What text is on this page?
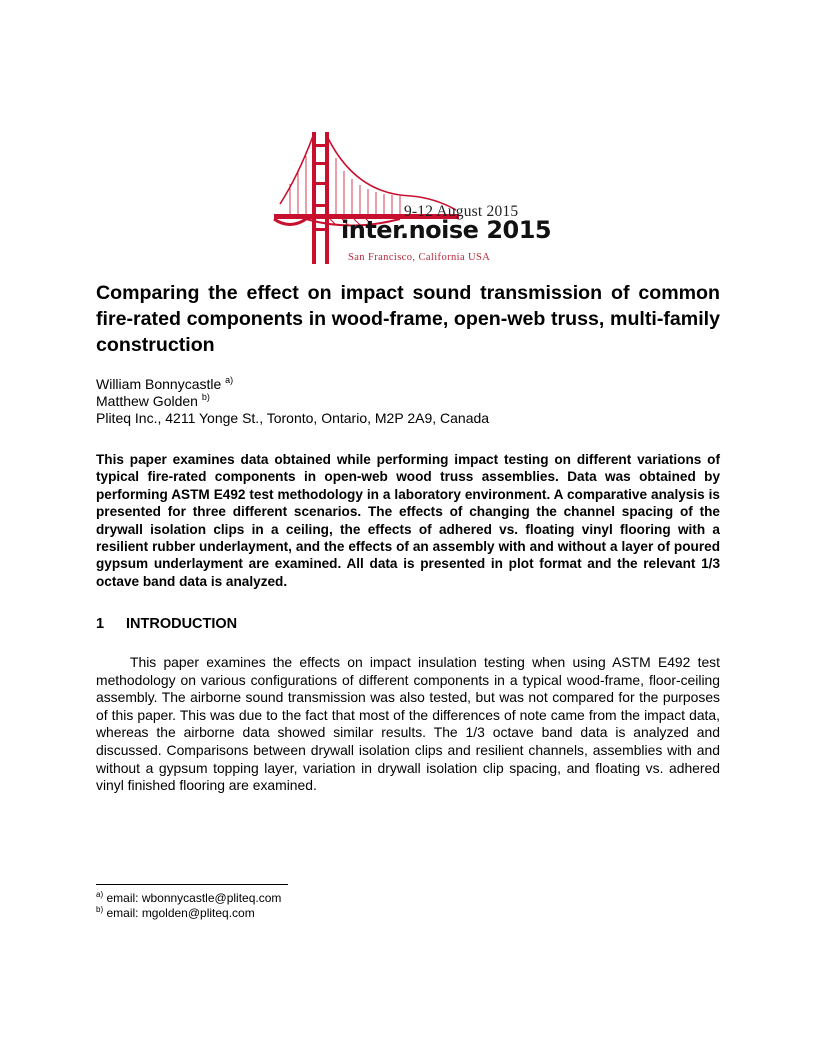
9-12 August 2015
inter.noise 2015
San Francisco, California USA
Comparing the effect on impact sound transmission of common fire-rated components in wood-frame, open-web truss, multi-family construction
William Bonnycastle $^{a)}$
Matthew Golden $^{b)}$
Pliteq Inc., 4211 Yonge St., Toronto, Ontario, M2P 2A9, Canada

This paper examines data obtained while performing impact testing on different variations of typical fire-rated components in open-web wood truss assemblies. Data was obtained by performing ASTM E492 test methodology in a laboratory environment. A comparative analysis is presented for three different scenarios. The effects of changing the channel spacing of the drywall isolation clips in a ceiling, the effects of adhered vs. floating vinyl flooring with a resilient rubber underlayment, and the effects of an assembly with and without a layer of poured gypsum underlayment are examined. All data is presented in plot format and the relevant 1/3 octave band data is analyzed.

1 INTRODUCTION

This paper examines the effects on impact insulation testing when using ASTM E492 test methodology on various configurations of different components in a typical wood-frame, floor-ceiling assembly. The airborne sound transmission was also tested, but was not compared for the purposes of this paper. This was due to the fact that most of the differences of note came from the impact data, whereas the airborne data showed similar results. The 1/3 octave band data is analyzed and discussed. Comparisons between drywall isolation clips and resilient channels, assemblies with and without a gypsum topping layer, variation in drywall isolation clip spacing, and floating vs. adhered vinyl finished flooring are examined.

$^{a)}$ email: wbonnycastle@pliteq.com
$^{b)}$ email: mgolden@pliteq.com
